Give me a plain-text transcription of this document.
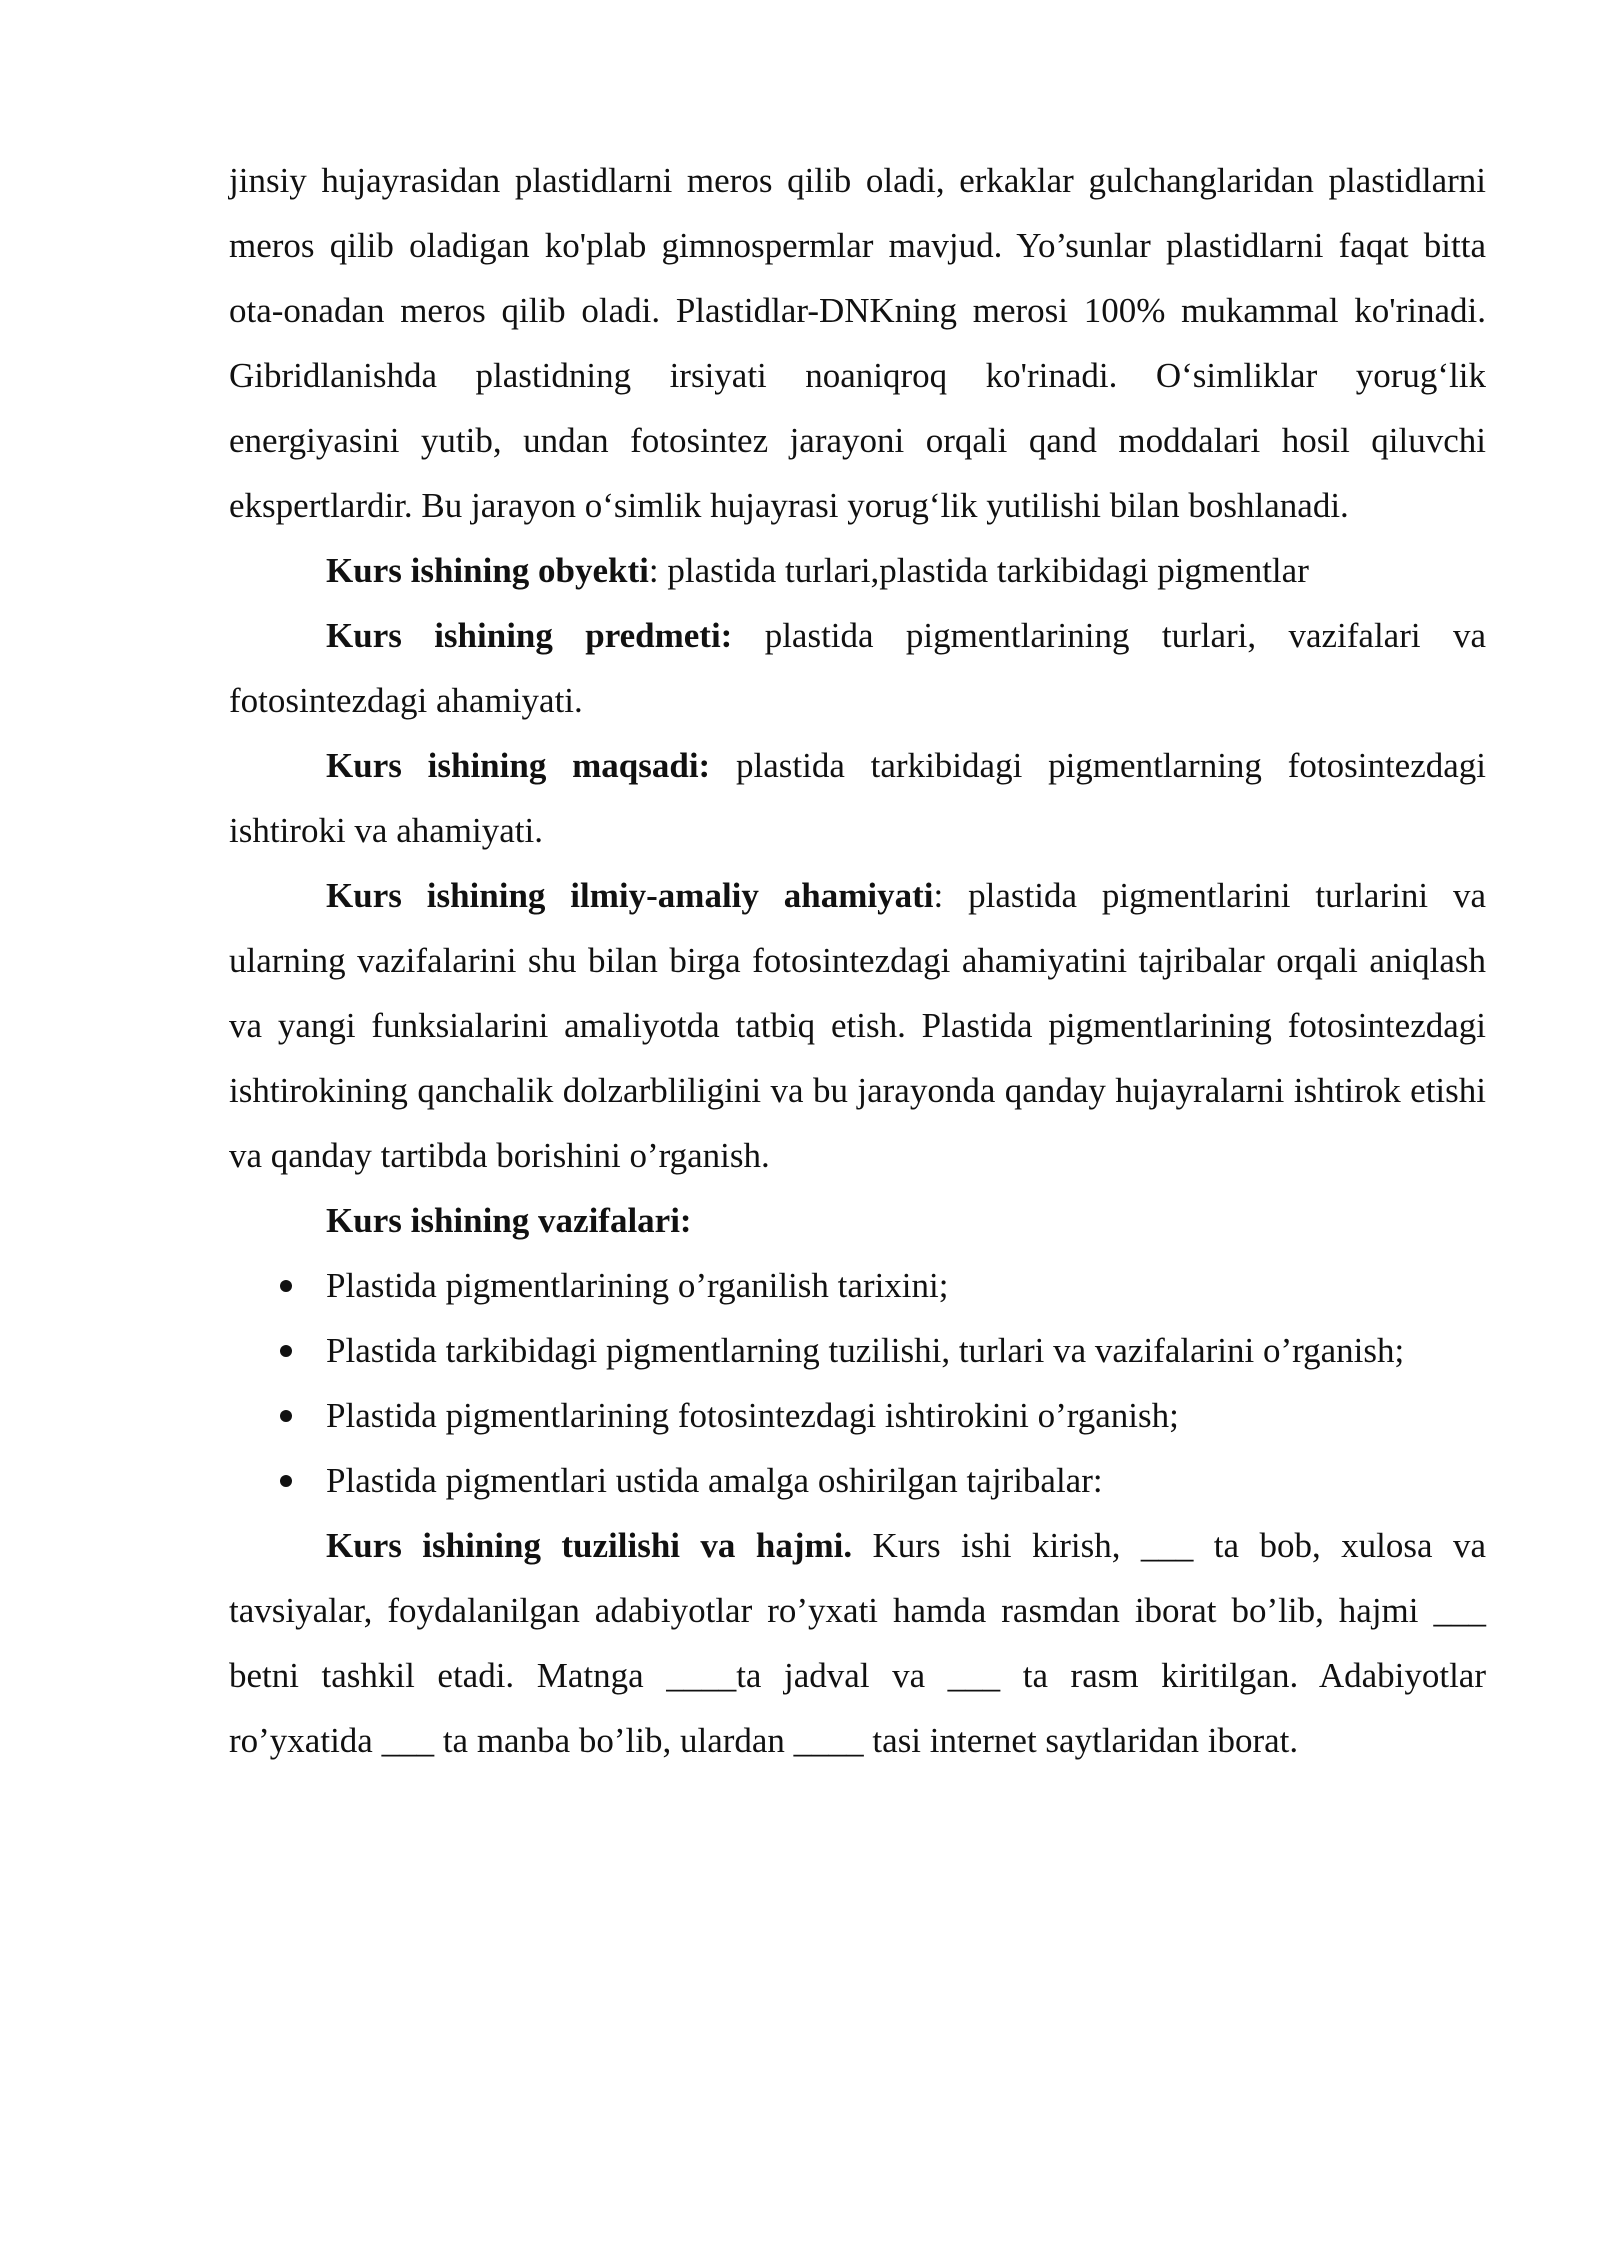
jinsiy hujayrasidan plastidlarni meros qilib oladi, erkaklar gulchanglaridan plastidlarni meros qilib oladigan ko'plab gimnospermlar mavjud. Yo’sunlar plastidlarni faqat bitta ota-onadan meros qilib oladi. Plastidlar-DNKning merosi 100% mukammal ko'rinadi. Gibridlanishda plastidning irsiyati noaniqroq ko'rinadi. O‘simliklar yorug‘lik energiyasini yutib, undan fotosintez jarayoni orqali qand moddalari hosil qiluvchi ekspertlardir. Bu jarayon o‘simlik hujayrasi yorug‘lik yutilishi bilan boshlanadi.

Kurs ishining obyekti: plastida turlari,plastida tarkibidagi pigmentlar

Kurs ishining predmeti: plastida pigmentlarining turlari, vazifalari va fotosintezdagi ahamiyati.

Kurs ishining maqsadi: plastida tarkibidagi pigmentlarning fotosintezdagi ishtiroki va ahamiyati.

Kurs ishining ilmiy-amaliy ahamiyati: plastida pigmentlarini turlarini va ularning vazifalarini shu bilan birga fotosintezdagi ahamiyatini tajribalar orqali aniqlash va yangi funksialarini amaliyotda tatbiq etish. Plastida pigmentlarining fotosintezdagi ishtirokining qanchalik dolzarbliligini va bu jarayonda qanday hujayralarni ishtirok etishi va qanday tartibda borishini o’rganish.

Kurs ishining vazifalari:

Plastida pigmentlarining o’rganilish tarixini;
Plastida tarkibidagi pigmentlarning tuzilishi, turlari va vazifalarini o’rganish;
Plastida pigmentlarining fotosintezdagi ishtirokini o’rganish;
Plastida pigmentlari ustida amalga oshirilgan tajribalar:

Kurs ishining tuzilishi va hajmi. Kurs ishi kirish, ___ ta bob, xulosa va tavsiyalar, foydalanilgan adabiyotlar ro’yxati hamda rasmdan iborat bo’lib, hajmi ___ betni tashkil etadi. Matnga ____ta jadval va ___ ta rasm kiritilgan. Adabiyotlar ro’yxatida ___ ta manba bo’lib, ulardan ____ tasi internet saytlaridan iborat.
